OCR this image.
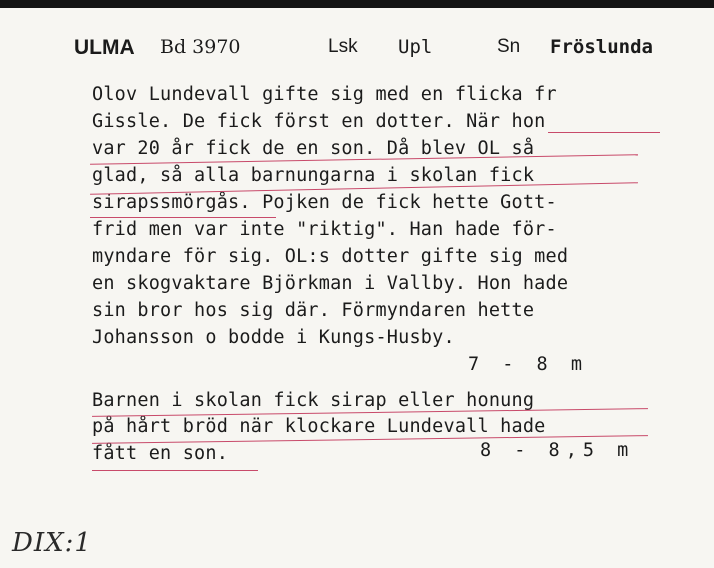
ULMA Bd 3970	Lsk Upl	Sn Fröslunda
Olov Lundevall gifte sig med en flicka fr
Gissle. De fick först en dotter. När hon
var 20 år fick de en son. Då blev OL så
glad, så alla barnungarna i skolan fick
sirapssmörgås. Pojken de fick hette Gott-
frid men var inte "riktig". Han hade för-
myndare för sig. OL:s dotter gifte sig med
en skogvaktare Björkman i Vallby. Hon hade
sin bror hos sig där. Förmyndaren hette
Johansson o bodde i Kungs-Husby.
7 - 8 m
Barnen i skolan fick sirap eller honung
på hårt bröd när klockare Lundevall hade
fått en son.	8 - 8,5 m
DIX:1
